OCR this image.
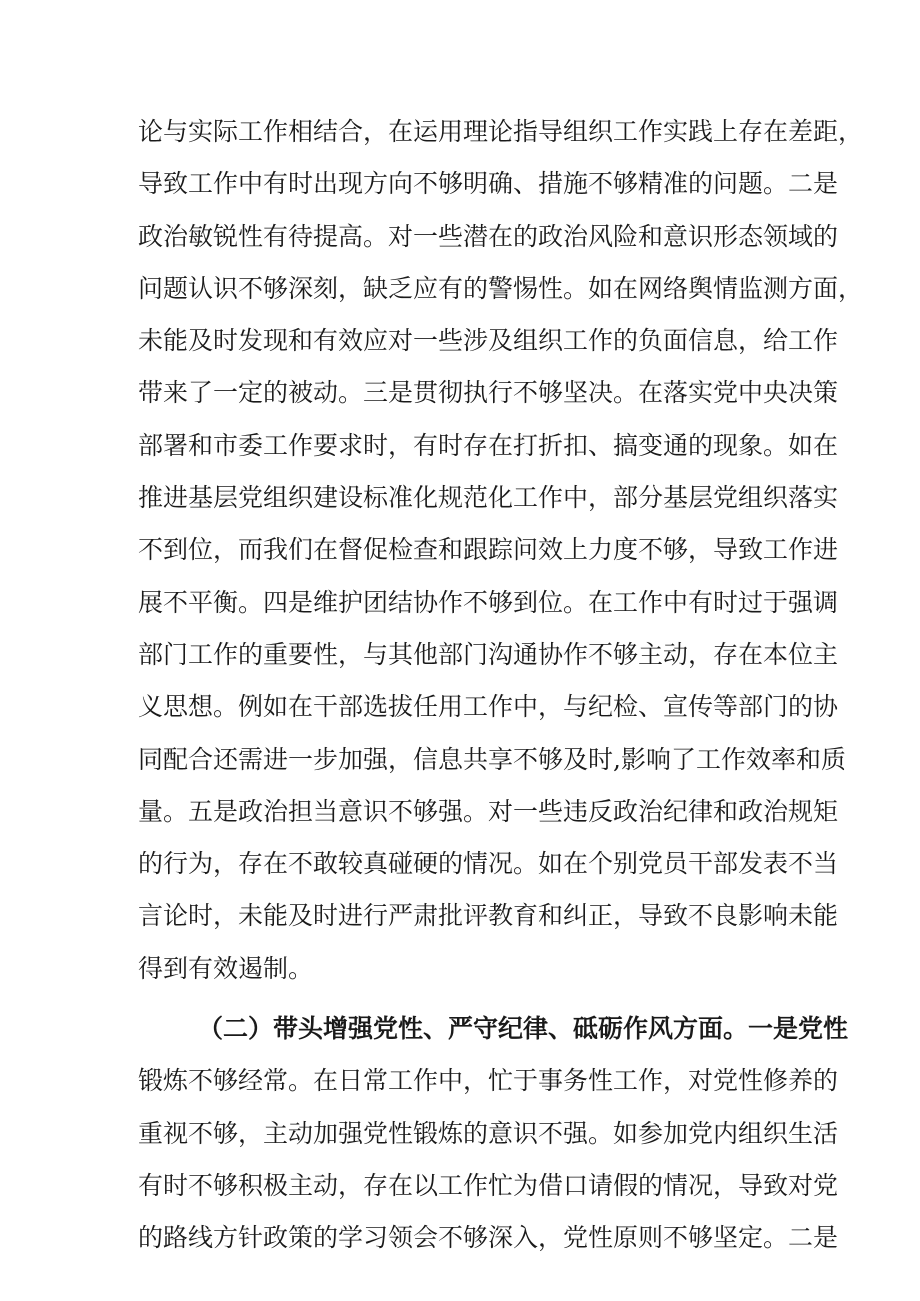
论与实际工作相结合，在运用理论指导组织工作实践上存在差距，
导致工作中有时出现方向不够明确、措施不够精准的问题。二是
政治敏锐性有待提高。对一些潜在的政治风险和意识形态领域的
问题认识不够深刻，缺乏应有的警惕性。如在网络舆情监测方面，
未能及时发现和有效应对一些涉及组织工作的负面信息，给工作
带来了一定的被动。三是贯彻执行不够坚决。在落实党中央决策
部署和市委工作要求时，有时存在打折扣、搞变通的现象。如在
推进基层党组织建设标准化规范化工作中，部分基层党组织落实
不到位，而我们在督促检查和跟踪问效上力度不够，导致工作进
展不平衡。四是维护团结协作不够到位。在工作中有时过于强调
部门工作的重要性，与其他部门沟通协作不够主动，存在本位主
义思想。例如在干部选拔任用工作中，与纪检、宣传等部门的协
同配合还需进一步加强，信息共享不够及时,影响了工作效率和质
量。五是政治担当意识不够强。对一些违反政治纪律和政治规矩
的行为，存在不敢较真碰硬的情况。如在个别党员干部发表不当
言论时，未能及时进行严肃批评教育和纠正，导致不良影响未能
得到有效遏制。
（二）带头增强党性、严守纪律、砥砺作风方面。一是党性
锻炼不够经常。在日常工作中，忙于事务性工作，对党性修养的
重视不够，主动加强党性锻炼的意识不强。如参加党内组织生活
有时不够积极主动，存在以工作忙为借口请假的情况，导致对党
的路线方针政策的学习领会不够深入，党性原则不够坚定。二是
